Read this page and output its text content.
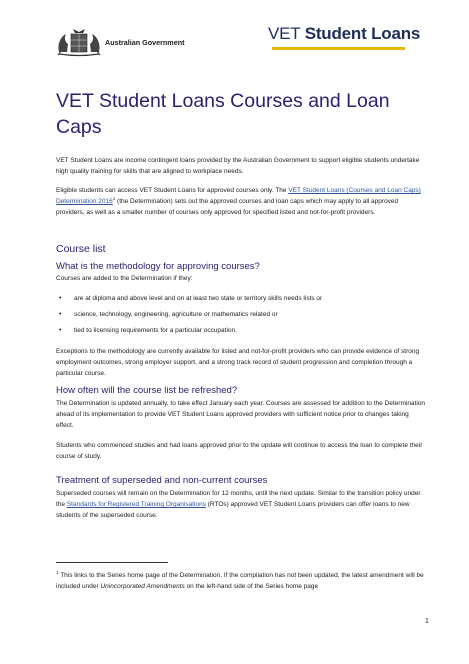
Australian Government	VET Student Loans
VET Student Loans Courses and Loan Caps

VET Student Loans are income contingent loans provided by the Australian Government to support eligible students undertake high quality training for skills that are aligned to workplace needs.

Eligible students can access VET Student Loans for approved courses only. The VET Student Loans (Courses and Loan Caps) Determination 2016$^1$ (the Determination) sets out the approved courses and loan caps which may apply to all approved providers, as well as a smaller number of courses only approved for specified listed and not-for-profit providers.

Course list
What is the methodology for approving courses?

Courses are added to the Determination if they:

• are at diploma and above level and on at least two state or territory skills needs lists or
• science, technology, engineering, agriculture or mathematics related or
• tied to licensing requirements for a particular occupation.

Exceptions to the methodology are currently available for listed and not-for-profit providers who can provide evidence of strong employment outcomes, strong employer support, and a strong track record of student progression and completion through a particular course.

How often will the course list be refreshed?

The Determination is updated annually, to take effect January each year. Courses are assessed for addition to the Determination ahead of its implementation to provide VET Student Loans approved providers with sufficient notice prior to changes taking effect.

Students who commenced studies and had loans approved prior to the update will continue to access the loan to complete their course of study.

Treatment of superseded and non-current courses

Superseded courses will remain on the Determination for 12 months, until the next update. Similar to the transition policy under the Standards for Registered Training Organisations (RTOs) approved VET Student Loans providers can offer loans to new students of the superseded course.

$^1$ This links to the Series home page of the Determination. If the compilation has not been updated, the latest amendment will be included under Unincorporated Amendments on the left-hand side of the Series home page

1
